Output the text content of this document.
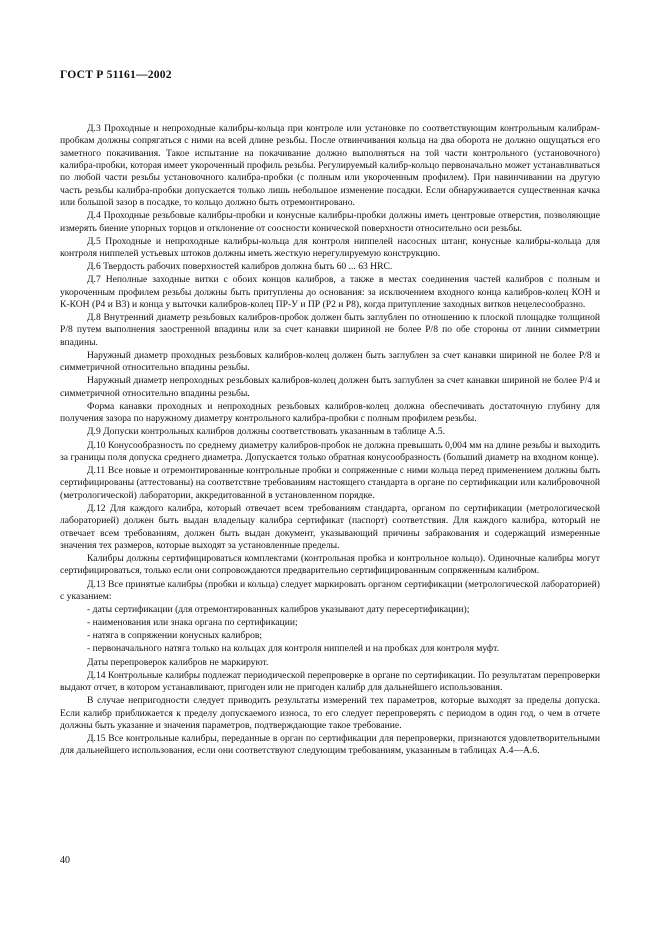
ГОСТ Р 51161—2002

Д.3 Проходные и непроходные калибры-кольца при контроле или установке по соответствующим контрольным калибрам-пробкам должны сопрягаться с ними на всей длине резьбы. После отвинчивания кольца на два оборота не должно ощущаться его заметного покачивания. Такое испытание на покачивание должно выполняться на той части контрольного (установочного) калибра-пробки, которая имеет укороченный профиль резьбы. Регулируемый калибр-кольцо первоначально может устанавливаться по любой части резьбы установочного калибра-пробки (с полным или укороченным профилем). При навинчивании на другую часть резьбы калибра-пробки допускается только лишь небольшое изменение посадки. Если обнаруживается существенная качка или большой зазор в посадке, то кольцо должно быть отремонтировано.

Д.4 Проходные резьбовые калибры-пробки и конусные калибры-пробки должны иметь центровые отверстия, позволяющие измерять биение упорных торцов и отклонение от соосности конической поверхности относительно оси резьбы.

Д.5 Проходные и непроходные калибры-кольца для контроля ниппелей насосных штанг, конусные калибры-кольца для контроля ниппелей устьевых штоков должны иметь жесткую нерегулируемую конструкцию.

Д.6 Твердость рабочих поверхностей калибров должна быть 60 ... 63 HRC.

Д.7 Неполные заходные витки с обоих концов калибров, а также в местах соединения частей калибров с полным и укороченным профилем резьбы должны быть притуплены до основания: за исключением входного конца калибров-колец КОН и К-КОН (Р4 и В3) и конца у выточки калибров-колец ПР-У и ПР (Р2 и Р8), когда притупление заходных витков нецелесообразно.

Д.8 Внутренний диаметр резьбовых калибров-пробок должен быть заглублен по отношению к плоской площадке толщиной P/8 путем выполнения заостренной впадины или за счет канавки шириной не более P/8 по обе стороны от линии симметрии впадины.

Наружный диаметр проходных резьбовых калибров-колец должен быть заглублен за счет канавки шириной не более P/8 и симметричной относительно впадины резьбы.

Наружный диаметр непроходных резьбовых калибров-колец должен быть заглублен за счет канавки шириной не более P/4 и симметричной относительно впадины резьбы.

Форма канавки проходных и непроходных резьбовых калибров-колец должна обеспечивать достаточную глубину для получения зазора по наружному диаметру контрольного калибра-пробки с полным профилем резьбы.

Д.9 Допуски контрольных калибров должны соответствовать указанным в таблице А.5.

Д.10 Конусообразность по среднему диаметру калибров-пробок не должна превышать 0,004 мм на длине резьбы и выходить за границы поля допуска среднего диаметра. Допускается только обратная конусообразность (больший диаметр на входном конце).

Д.11 Все новые и отремонтированные контрольные пробки и сопряженные с ними кольца перед применением должны быть сертифицированы (аттестованы) на соответствие требованиям настоящего стандарта в органе по сертификации или калибровочной (метрологической) лаборатории, аккредитованной в установленном порядке.

Д.12 Для каждого калибра, который отвечает всем требованиям стандарта, органом по сертификации (метрологической лабораторией) должен быть выдан владельцу калибра сертификат (паспорт) соответствия. Для каждого калибра, который не отвечает всем требованиям, должен быть выдан документ, указывающий причины забракования и содержащий измеренные значения тех размеров, которые выходят за установленные пределы.

Калибры должны сертифицироваться комплектами (контрольная пробка и контрольное кольцо). Одиночные калибры могут сертифицироваться, только если они сопровождаются предварительно сертифицированным сопряженным калибром.

Д.13 Все принятые калибры (пробки и кольца) следует маркировать органом сертификации (метрологической лабораторией) с указанием:

- даты сертификации (для отремонтированных калибров указывают дату пересертификации);

- наименования или знака органа по сертификации;

- натяга в сопряжении конусных калибров;

- первоначального натяга только на кольцах для контроля ниппелей и на пробках для контроля муфт.

Даты перепроверок калибров не маркируют.

Д.14 Контрольные калибры подлежат периодической перепроверке в органе по сертификации. По результатам перепроверки выдают отчет, в котором устанавливают, пригоден или не пригоден калибр для дальнейшего использования.

В случае непригодности следует приводить результаты измерений тех параметров, которые выходят за пределы допуска. Если калибр приближается к пределу допускаемого износа, то его следует перепроверять с периодом в один год, о чем в отчете должны быть указание и значения параметров, подтверждающие такое требование.

Д.15 Все контрольные калибры, переданные в орган по сертификации для перепроверки, признаются удовлетворительными для дальнейшего использования, если они соответствуют следующим требованиям, указанным в таблицах А.4—А.6.

40
